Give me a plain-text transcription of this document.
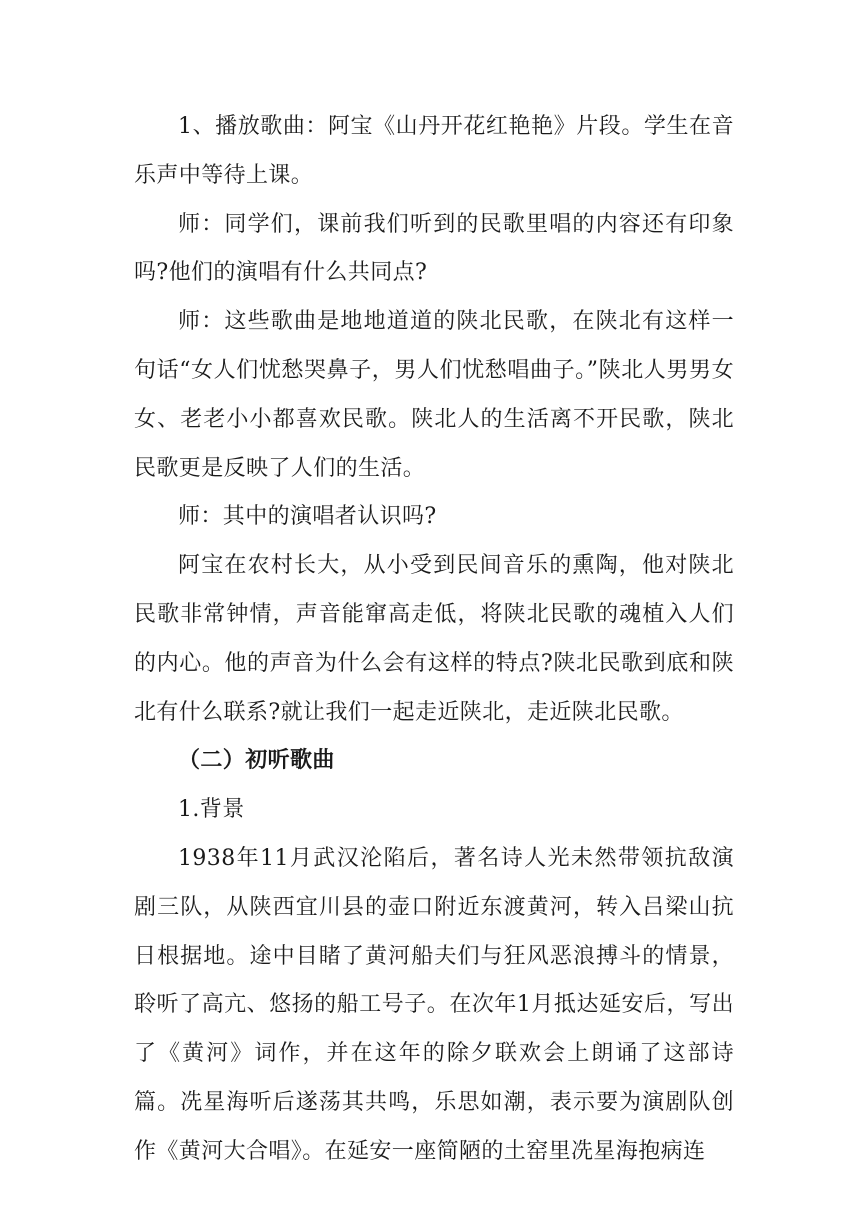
1、播放歌曲：阿宝《山丹开花红艳艳》片段。学生在音乐声中等待上课。

师：同学们，课前我们听到的民歌里唱的内容还有印象吗?他们的演唱有什么共同点?

师：这些歌曲是地地道道的陕北民歌，在陕北有这样一句话“女人们忧愁哭鼻子，男人们忧愁唱曲子。”陕北人男男女女、老老小小都喜欢民歌。陕北人的生活离不开民歌，陕北民歌更是反映了人们的生活。

师：其中的演唱者认识吗?

阿宝在农村长大，从小受到民间音乐的熏陶，他对陕北民歌非常钟情，声音能窜高走低，将陕北民歌的魂植入人们的内心。他的声音为什么会有这样的特点?陕北民歌到底和陕北有什么联系?就让我们一起走近陕北，走近陕北民歌。

（二）初听歌曲

1.背景

1938年11月武汉沦陷后，著名诗人光未然带领抗敌演剧三队，从陕西宜川县的壶口附近东渡黄河，转入吕梁山抗日根据地。途中目睹了黄河船夫们与狂风恶浪搏斗的情景，聆听了高亢、悠扬的船工号子。在次年1月抵达延安后，写出了《黄河》词作，并在这年的除夕联欢会上朗诵了这部诗篇。冼星海听后遂荡其共鸣，乐思如潮，表示要为演剧队创作《黄河大合唱》。在延安一座简陋的土窑里冼星海抱病连
